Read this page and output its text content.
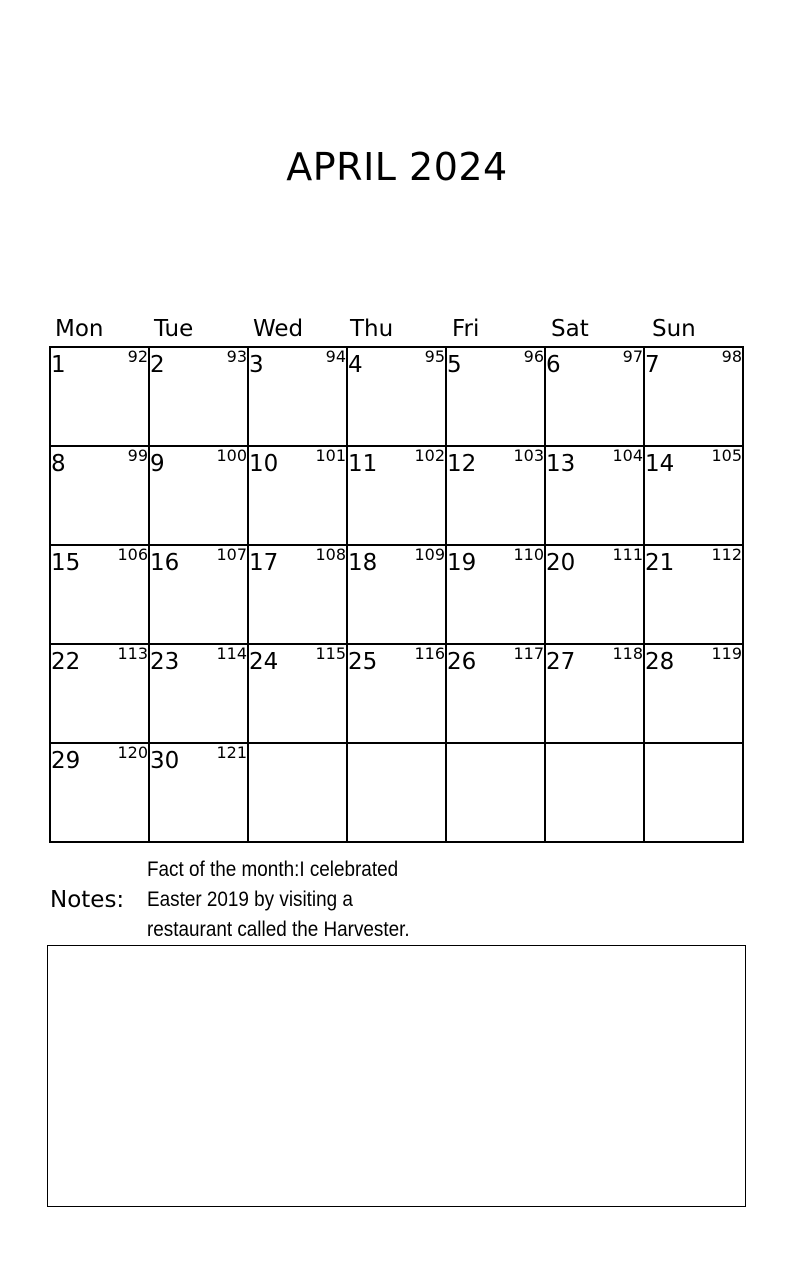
APRIL 2024
Mon Tue	Wed Thu	Fri	Sat	Sun
1 92	2 93	3 94	4 95	5 96	6 97	7 98

8 99	9 100	10 101	11 102	12 103	13 104	14 105

15 106	16 107	17 108	18 109	19 110	20 111	21 112

22 113	23 114	24 115	25 116	26 117	27 118	28 119

29 120	30 121					

Notes:
Fact of the month:I celebrated
Easter 2019 by visiting a
restaurant called the Harvester.
